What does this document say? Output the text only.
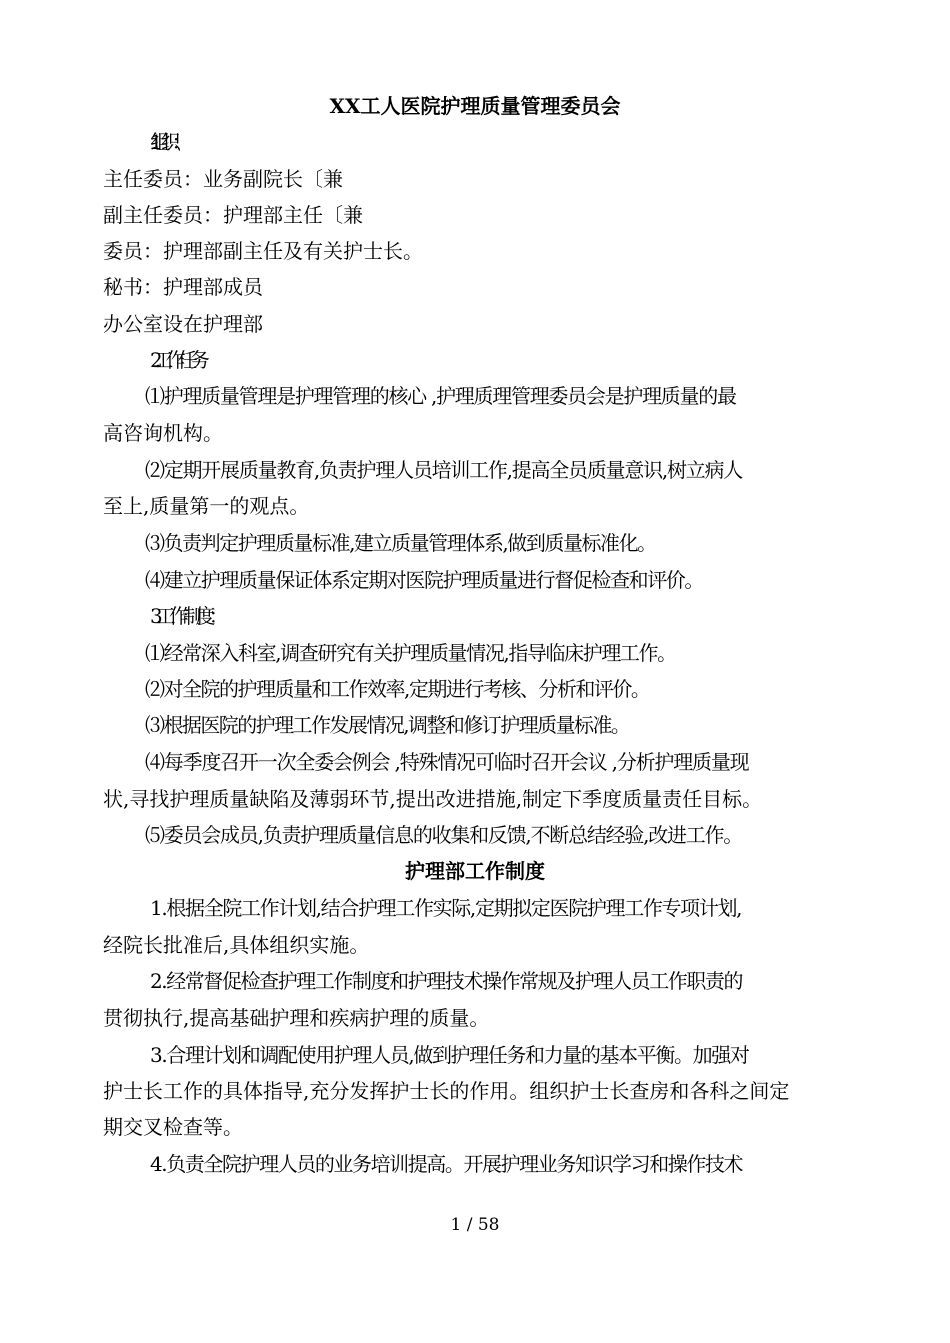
XX工人医院护理质量管理委员会
1.组织：
主任委员：业务副院长〔兼
副主任委员：护理部主任〔兼
委员：护理部副主任及有关护士长。
秘书：护理部成员
办公室设在护理部
2.工作任务
⑴护理质量管理是护理管理的核心 ,护理质理管理委员会是护理质量的最
高咨询机构。
⑵定期开展质量教育,负责护理人员培训工作,提高全员质量意识,树立病人
至上,质量第一的观点。
⑶负责判定护理质量标准,建立质量管理体系,做到质量标准化。
⑷建立护理质量保证体系定期对医院护理质量进行督促检查和评价。
3.工作制度：
⑴经常深入科室,调查研究有关护理质量情况,指导临床护理工作。
⑵对全院的护理质量和工作效率,定期进行考核、分析和评价。
⑶根据医院的护理工作发展情况,调整和修订护理质量标准。
⑷每季度召开一次全委会例会 ,特殊情况可临时召开会议 ,分析护理质量现
状,寻找护理质量缺陷及薄弱环节,提出改进措施,制定下季度质量责任目标。
⑸委员会成员,负责护理质量信息的收集和反馈,不断总结经验,改进工作。
护理部工作制度
1.根据全院工作计划,结合护理工作实际,定期拟定医院护理工作专项计划,
经院长批准后,具体组织实施。
2.经常督促检查护理工作制度和护理技术操作常规及护理人员工作职责的
贯彻执行,提高基础护理和疾病护理的质量。
3.合理计划和调配使用护理人员,做到护理任务和力量的基本平衡。加强对
护士长工作的具体指导,充分发挥护士长的作用。组织护士长查房和各科之间定
期交叉检查等。
4.负责全院护理人员的业务培训提高。开展护理业务知识学习和操作技术
1 / 58
